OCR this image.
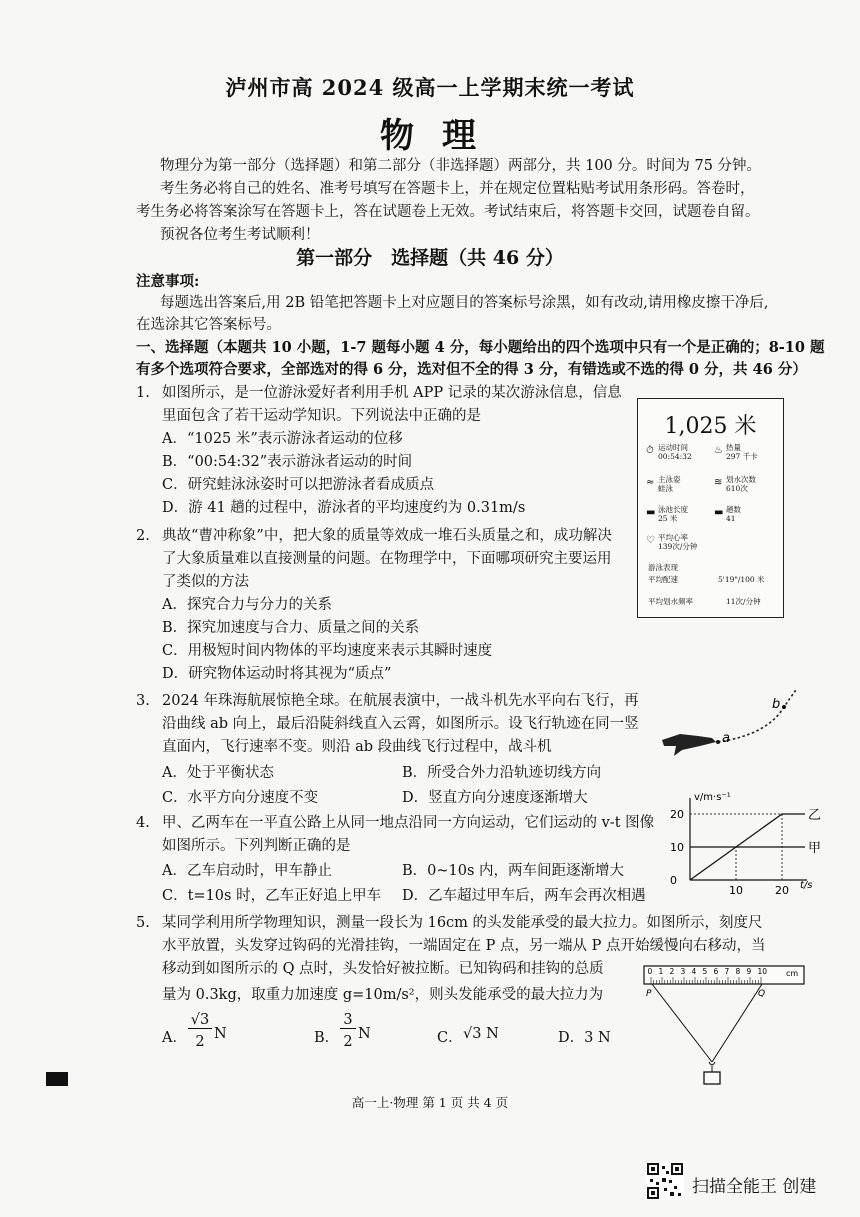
泸州市高 2024 级高一上学期末统一考试
物理
物理分为第一部分（选择题）和第二部分（非选择题）两部分，共 100 分。时间为 75 分钟。
考生务必将自己的姓名、准考号填写在答题卡上，并在规定位置粘贴考试用条形码。答卷时，
考生务必将答案涂写在答题卡上，答在试题卷上无效。考试结束后，将答题卡交回，试题卷自留。
预祝各位考生考试顺利！
第一部分　选择题（共 46 分）
注意事项:
每题选出答案后,用 2B 铅笔把答题卡上对应题目的答案标号涂黑，如有改动,请用橡皮擦干净后,
在选涂其它答案标号。
一、选择题（本题共 10 小题，1-7 题每小题 4 分，每小题给出的四个选项中只有一个是正确的；8-10 题
有多个选项符合要求，全部选对的得 6 分，选对但不全的得 3 分，有错选或不选的得 0 分，共 46 分）
1. 如图所示，是一位游泳爱好者利用手机 APP 记录的某次游泳信息，信息
里面包含了若干运动学知识。下列说法中正确的是
A．“1025 米”表示游泳者运动的位移
B．“00:54:32”表示游泳者运动的时间
C．研究蛙泳泳姿时可以把游泳者看成质点
D．游 41 趟的过程中，游泳者的平均速度约为 0.31m/s
1,025 米
⏱ 运动时间
00:54:32
♨ 热量
297 千卡
≈ 主泳姿
蛙泳
≋ 划水次数
610次
▬ 泳池长度
25 米
▬ 趟数
41
♡ 平均心率
139次/分钟
游泳表现
平均配速	5'19"/100 米
平均划水频率	11次/分钟
2. 典故“曹冲称象”中，把大象的质量等效成一堆石头质量之和，成功解决
了大象质量难以直接测量的问题。在物理学中，下面哪项研究主要运用
了类似的方法
A．探究合力与分力的关系
B．探究加速度与合力、质量之间的关系
C．用极短时间内物体的平均速度来表示其瞬时速度
D．研究物体运动时将其视为“质点”
3. 2024 年珠海航展惊艳全球。在航展表演中，一战斗机先水平向右飞行，再
沿曲线 ab 向上，最后沿陡斜线直入云霄，如图所示。设飞行轨迹在同一竖
直面内，飞行速率不变。则沿 ab 段曲线飞行过程中，战斗机
A．处于平衡状态	B．所受合外力沿轨迹切线方向
C．水平方向分速度不变	D．竖直方向分速度逐渐增大
a
b
4. 甲、乙两车在一平直公路上从同一地点沿同一方向运动，它们运动的 v-t 图像
如图所示。下列判断正确的是
A．乙车启动时，甲车静止	B．0~10s 内，两车间距逐渐增大
C．t=10s 时，乙车正好追上甲车 D．乙车超过甲车后，两车会再次相遇
v/m·s⁻¹
t/s
20
10
0
10	20
甲
乙
5. 某同学利用所学物理知识，测量一段长为 16cm 的头发能承受的最大拉力。如图所示，刻度尺
水平放置，头发穿过钩码的光滑挂钩，一端固定在 P 点，另一端从 P 点开始缓慢向右移动，当
移动到如图所示的 Q 点时，头发恰好被拉断。已知钩码和挂钩的总质
量为 0.3kg，取重力加速度 g=10m/s²，则头发能承受的最大拉力为
A．
√3
2 N	B．
3
2 N	C． √3 N	D．3 N
0 1 2 3 4 5 6 7 8 9 10 cm
P	Q
高一上·物理 第 1 页 共 4 页
扫描全能王 创建
